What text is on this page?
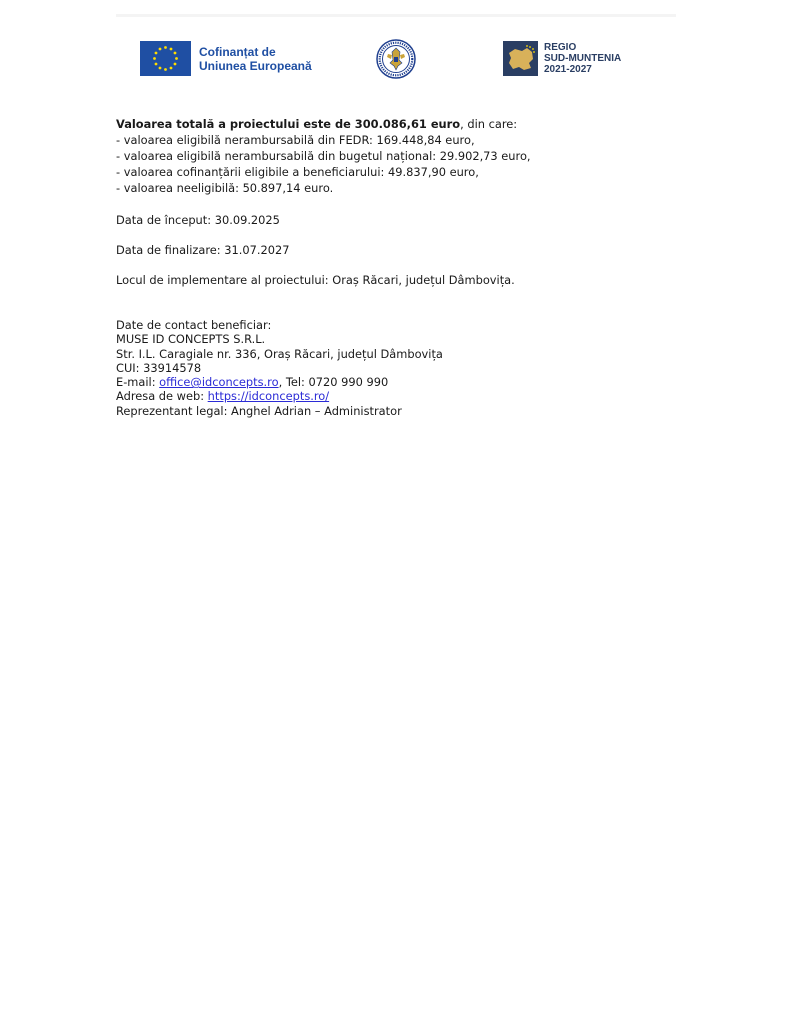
Cofinanțat de
Uniunea Europeană
REGIO
SUD-MUNTENIA
2021-2027

Valoarea totală a proiectului este de 300.086,61 euro, din care:

- valoarea eligibilă nerambursabilă din FEDR: 169.448,84 euro,

- valoarea eligibilă nerambursabilă din bugetul național: 29.902,73 euro,

- valoarea cofinanțării eligibile a beneficiarului: 49.837,90 euro,

- valoarea neeligibilă: 50.897,14 euro.

Data de început: 30.09.2025

Data de finalizare: 31.07.2027

Locul de implementare al proiectului: Oraș Răcari, județul Dâmbovița.

Date de contact beneficiar:

MUSE ID CONCEPTS S.R.L.

Str. I.L. Caragiale nr. 336, Oraș Răcari, județul Dâmbovița

CUI: 33914578

E-mail: office@idconcepts.ro, Tel: 0720 990 990

Adresa de web: https://idconcepts.ro/

Reprezentant legal: Anghel Adrian – Administrator
